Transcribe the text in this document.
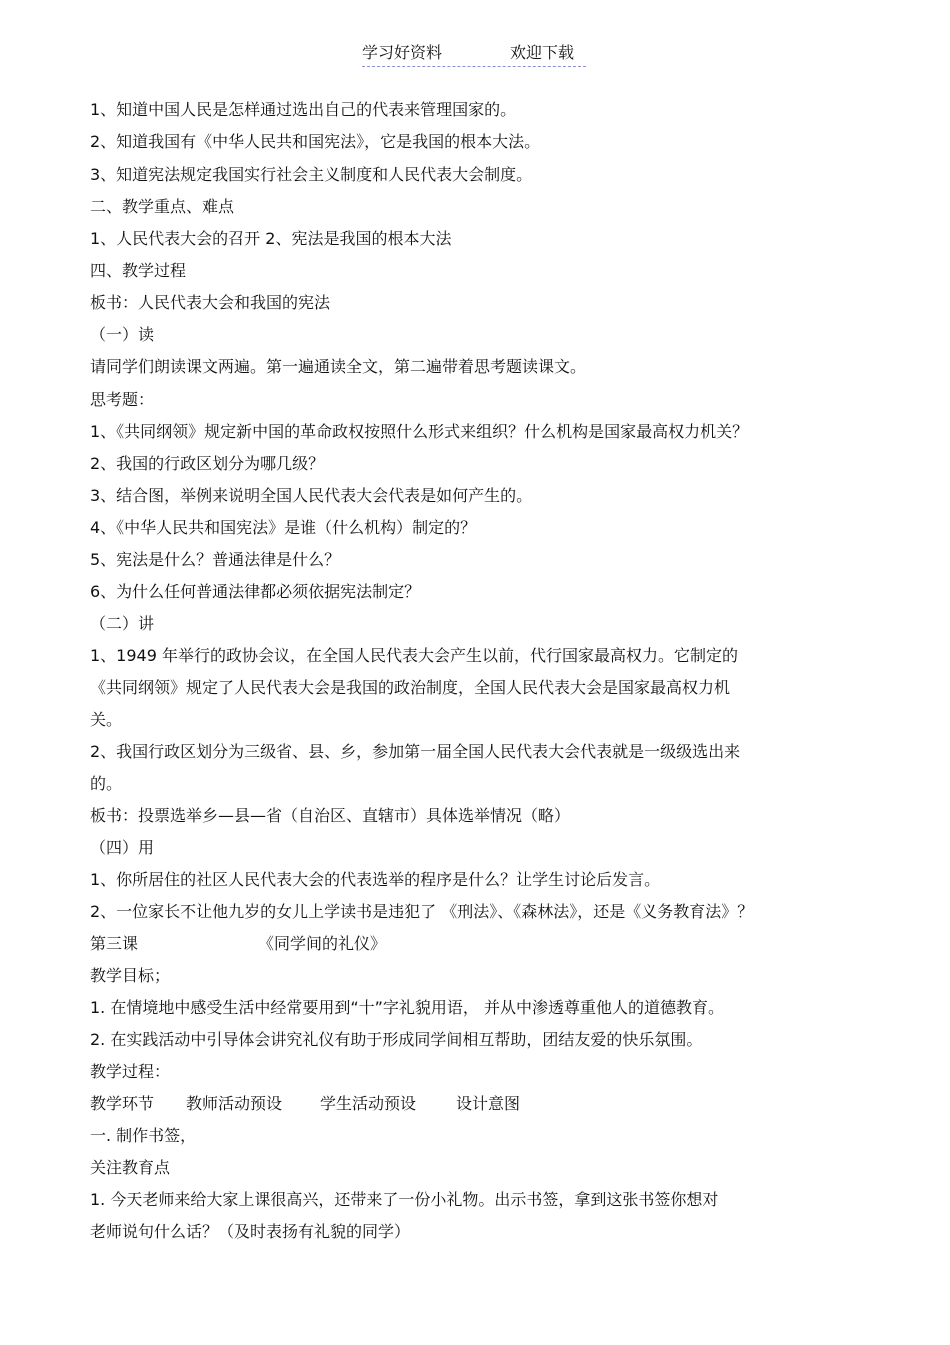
学习好资料	欢迎下载
1、知道中国人民是怎样通过选出自己的代表来管理国家的。
2、知道我国有《中华人民共和国宪法》，它是我国的根本大法。
3、知道宪法规定我国实行社会主义制度和人民代表大会制度。
二、教学重点、难点
1、人民代表大会的召开 2、宪法是我国的根本大法
四、教学过程
板书：人民代表大会和我国的宪法
（一）读
请同学们朗读课文两遍。第一遍通读全文，第二遍带着思考题读课文。
思考题：
1、《共同纲领》规定新中国的革命政权按照什么形式来组织？什么机构是国家最高权力机关？
2、我国的行政区划分为哪几级？
3、结合图，举例来说明全国人民代表大会代表是如何产生的。
4、《中华人民共和国宪法》是谁（什么机构）制定的？
5、宪法是什么？普通法律是什么？
6、为什么任何普通法律都必须依据宪法制定？
（二）讲
1、1949 年举行的政协会议，在全国人民代表大会产生以前，代行国家最高权力。它制定的
《共同纲领》规定了人民代表大会是我国的政治制度，全国人民代表大会是国家最高权力机
关。
2、我国行政区划分为三级省、县、乡，参加第一届全国人民代表大会代表就是一级级选出来
的。
板书：投票选举乡—县—省（自治区、直辖市）具体选举情况（略）
（四）用
1、你所居住的社区人民代表大会的代表选举的程序是什么？让学生讨论后发言。
2、一位家长不让他九岁的女儿上学读书是违犯了 《刑法》、《森林法》，还是《义务教育法》？
第三课	《同学间的礼仪》
教学目标；
1. 在情境地中感受生活中经常要用到“十”字礼貌用语， 并从中渗透尊重他人的道德教育。
2. 在实践活动中引导体会讲究礼仪有助于形成同学间相互帮助，团结友爱的快乐氛围。
教学过程：
教学环节 教师活动预设 学生活动预设 设计意图
一. 制作书签，
关注教育点
1. 今天老师来给大家上课很高兴，还带来了一份小礼物。出示书签，拿到这张书签你想对
老师说句什么话？（及时表扬有礼貌的同学）
